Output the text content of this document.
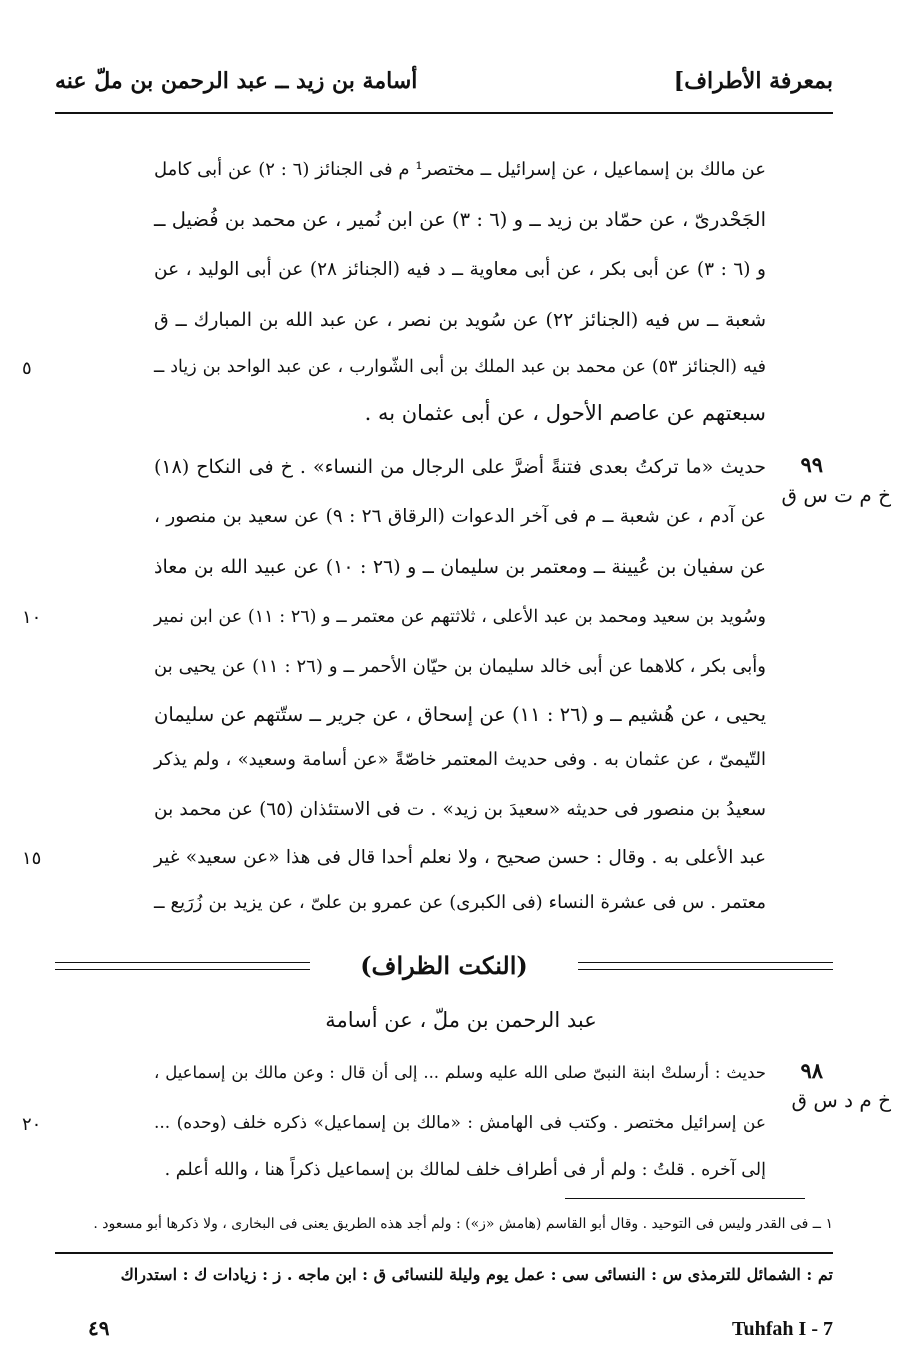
بمعرفة الأطراف]
أسامة بن زيد ــ عبد الرحمن بن ملّ عنه
عن مالك بن إسماعيل ، عن إسرائيل ــ مختصر¹ م فى الجنائز (٦ : ٢) عن أبى كامل
الجَحْدرىّ ، عن حمّاد بن زيد ــ و (٦ : ٣) عن ابن نُمير ، عن محمد بن فُضيل ــ
و (٦ : ٣) عن أبى بكر ، عن أبى معاوية ــ د فيه (الجنائز ٢٨) عن أبى الوليد ، عن
شعبة ــ س فيه (الجنائز ٢٢) عن سُويد بن نصر ، عن عبد الله بن المبارك ــ ق
فيه (الجنائز ٥٣) عن محمد بن عبد الملك بن أبى الشّوارب ، عن عبد الواحد بن زياد ــ
سبعتهم عن عاصم الأحول ، عن أبى عثمان به .
٥
٩٩
خ م ت س ق
حديث «ما تركتُ بعدى فتنةً أضرَّ على الرجال من النساء» . خ فى النكاح (١٨)
عن آدم ، عن شعبة ــ م فى آخر الدعوات (الرقاق ٢٦ : ٩) عن سعيد بن منصور ،
عن سفيان بن عُيينة ــ ومعتمر بن سليمان ــ و (٢٦ : ١٠) عن عبيد الله بن معاذ
وسُويد بن سعيد ومحمد بن عبد الأعلى ، ثلاثتهم عن معتمر ــ و (٢٦ : ١١) عن ابن نمير
وأبى بكر ، كلاهما عن أبى خالد سليمان بن حيّان الأحمر ــ و (٢٦ : ١١) عن يحيى بن
يحيى ، عن هُشيم ــ و (٢٦ : ١١) عن إسحاق ، عن جرير ــ ستّتهم عن سليمان
التّيمىّ ، عن عثمان به . وفى حديث المعتمر خاصّةً «عن أسامة وسعيد» ، ولم يذكر
سعيدُ بن منصور فى حديثه «سعيدَ بن زيد» . ت فى الاستئذان (٦٥) عن محمد بن
عبد الأعلى به . وقال : حسن صحيح ، ولا نعلم أحدا قال فى هذا «عن سعيد» غير
معتمر . س فى عشرة النساء (فى الكبرى) عن عمرو بن علىّ ، عن يزيد بن زُرَيع ــ
١٠
١٥
(النكت الظراف)
عبد الرحمن بن ملّ ، عن أسامة
٩٨
خ م د س ق
حديث : أرسلتْ ابنة النبىّ صلى الله عليه وسلم ... إلى أن قال : وعن مالك بن إسماعيل ،
عن إسرائيل مختصر . وكتب فى الهامش : «مالك بن إسماعيل» ذكره خلف (وحده) ...
إلى آخره . قلتُ : ولم أر فى أطراف خلف لمالك بن إسماعيل ذكراً هنا ، والله أعلم .
٢٠
١ ــ فى القدر وليس فى التوحيد . وقال أبو القاسم (هامش «ز») : ولم أجد هذه الطريق يعنى فى البخارى ، ولا ذكرها أبو مسعود .
تم : الشمائل للترمذى س : النسائى سى : عمل يوم وليلة للنسائى ق : ابن ماجه . ز : زيادات ك : استدراك
٤٩	Tuhfah I - 7
